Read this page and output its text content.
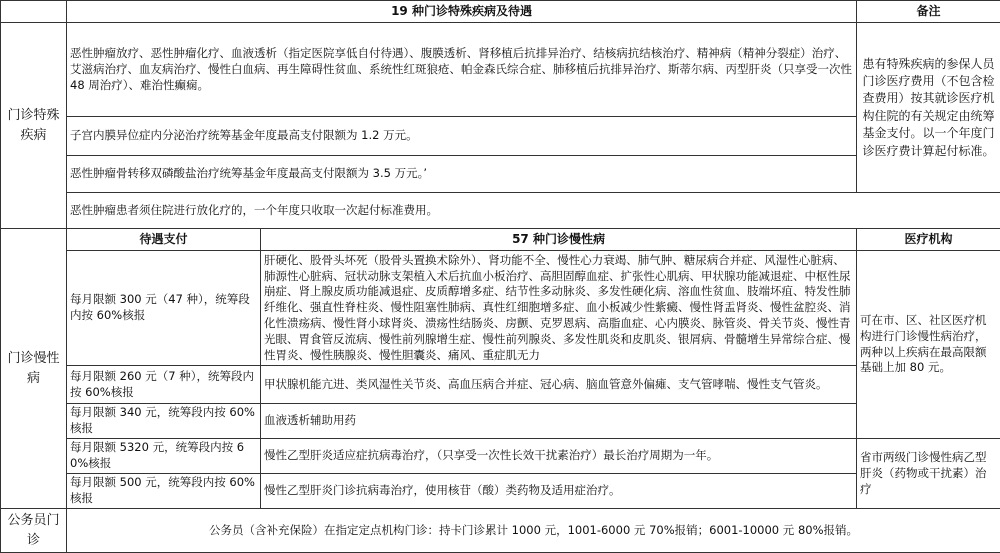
	19 种门诊特殊疾病及待遇		备注
门诊特殊疾病	恶性肿瘤放疗、恶性肿瘤化疗、血液透析（指定医院享低自付待遇）、腹膜透析、肾移植后抗排异治疗、结核病抗结核治疗、精神病（精神分裂症）治疗、艾滋病治疗、血友病治疗、慢性白血病、再生障碍性贫血、系统性红斑狼疮、帕金森氏综合症、肺移植后抗排异治疗、斯蒂尔病、丙型肝炎（只享受一次性 48 周治疗）、难治性癫痫。		患有特殊疾病的参保人员门诊医疗费用（不包含检查费用）按其就诊医疗机构住院的有关规定由统筹基金支付。以一个年度门诊医疗费计算起付标准。
	子宫内膜异位症内分泌治疗统筹基金年度最高支付限额为 1.2 万元。		
	恶性肿瘤骨转移双磷酸盐治疗统筹基金年度最高支付限额为 3.5 万元。’		
	恶性肿瘤患者须住院进行放化疗的，一个年度只收取一次起付标准费用。		
门诊慢性病	待遇支付	57 种门诊慢性病	医疗机构
	每月限额 300 元（47 种），统筹段内按 60%核报	肝硬化、股骨头坏死（股骨头置换术除外）、肾功能不全、慢性心力衰竭、肺气肿、糖尿病合并症、风湿性心脏病、肺源性心脏病、冠状动脉支架植入术后抗血小板治疗、高胆固醇血症、扩张性心肌病、甲状腺功能减退症、中枢性尿崩症、肾上腺皮质功能减退症、皮质醇增多症、结节性多动脉炎、多发性硬化病、溶血性贫血、肢端坏疽、特发性肺纤维化、强直性脊柱炎、慢性阻塞性肺病、真性红细胞增多症、血小板减少性紫癜、慢性肾盂肾炎、慢性盆腔炎、消化性溃疡病、慢性肾小球肾炎、溃疡性结肠炎、房颤、克罗恩病、高脂血症、心内膜炎、脉管炎、骨关节炎、慢性青光眼、胃食管反流病、慢性前列腺增生症、慢性前列腺炎、多发性肌炎和皮肌炎、银屑病、骨髓增生异常综合症、慢性胃炎、慢性胰腺炎、慢性胆囊炎、痛风、重症肌无力	可在市、区、社区医疗机构进行门诊慢性病治疗，两种以上疾病在最高限额基础上加 80 元。
	每月限额 260 元（7 种），统筹段内按 60%核报	甲状腺机能亢进、类风湿性关节炎、高血压病合并症、冠心病、脑血管意外偏瘫、支气管哮喘、慢性支气管炎。	
	每月限额 340 元，统筹段内按 60%核报	血液透析辅助用药	
	每月限额 5320 元，统筹段内按 60%核报	慢性乙型肝炎适应症抗病毒治疗，（只享受一次性长效干扰素治疗）最长治疗周期为一年。	省市两级门诊慢性病乙型肝炎（药物或干扰素）治疗
	每月限额 500 元，统筹段内按 60%核报	慢性乙型肝炎门诊抗病毒治疗，使用核苷（酸）类药物及适用症治疗。	
公务员门诊	公务员（含补充保险）在指定定点机构门诊：持卡门诊累计 1000 元，1001-6000 元 70%报销；6001-10000 元 80%报销。		
